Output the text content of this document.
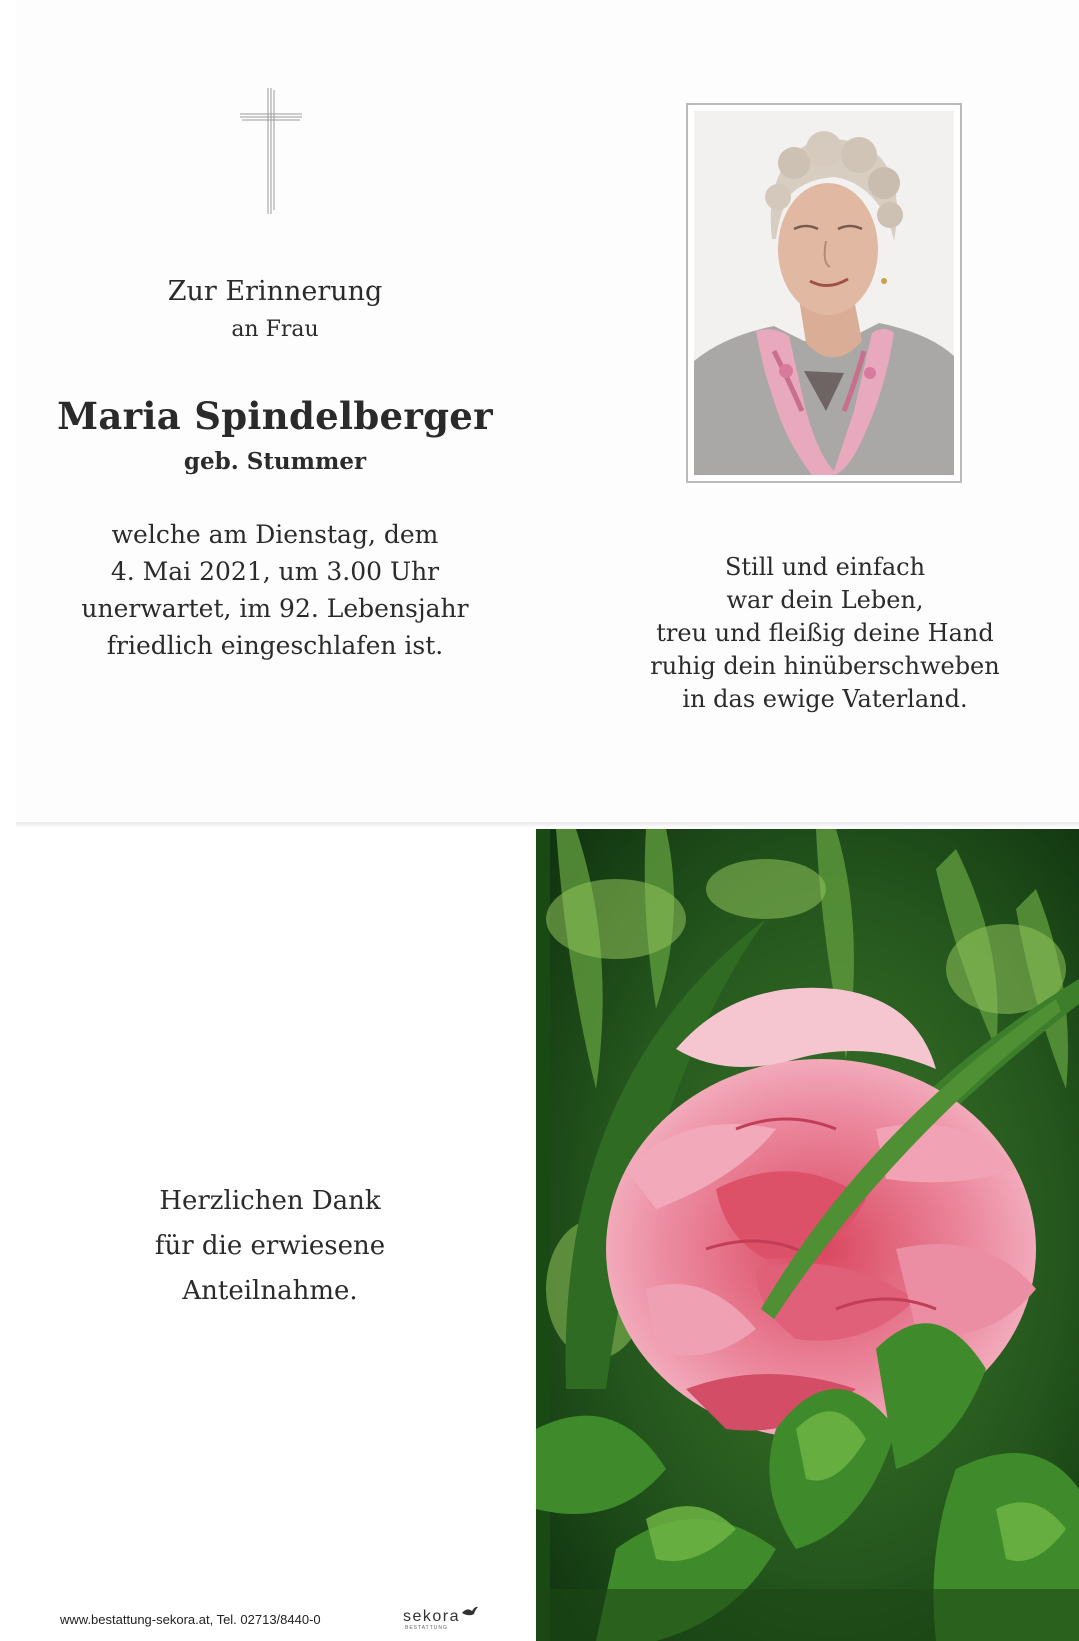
Zur Erinnerung
an Frau
Maria Spindelberger
geb. Stummer
welche am Dienstag, dem
4. Mai 2021, um 3.00 Uhr
unerwartet, im 92. Lebensjahr
friedlich eingeschlafen ist.
Still und einfach
war dein Leben,
treu und fleißig deine Hand
ruhig dein hinüberschweben
in das ewige Vaterland.
Herzlichen Dank
für die erwiesene
Anteilnahme.
www.bestattung-sekora.at, Tel. 02713/8440-0	sekora
BESTATTUNG
